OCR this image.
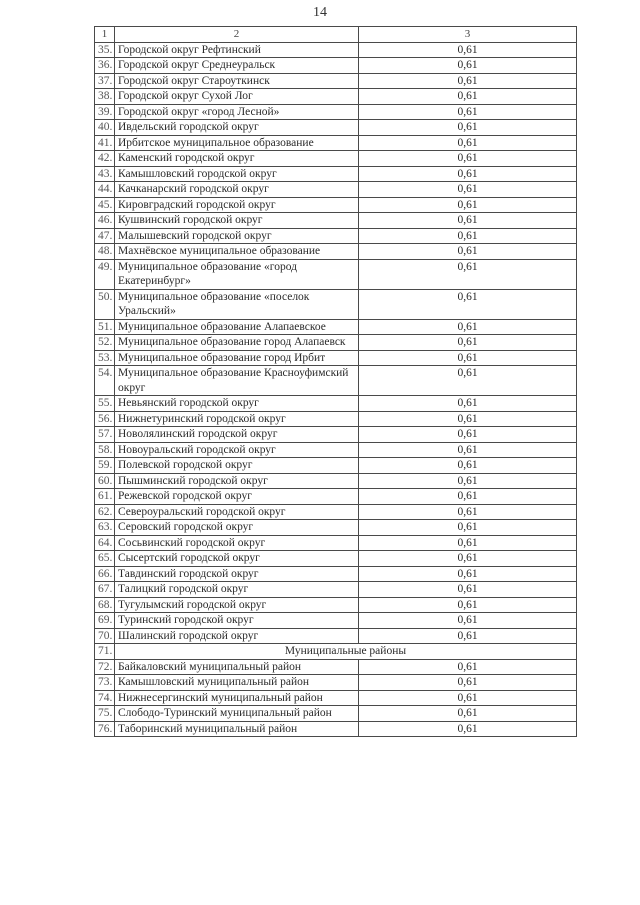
14
1	2	3
35.	Городской округ Рефтинский	0,61
36.	Городской округ Среднеуральск	0,61
37.	Городской округ Староуткинск	0,61
38.	Городской округ Сухой Лог	0,61
39.	Городской округ «город Лесной»	0,61
40.	Ивдельский городской округ	0,61
41.	Ирбитское муниципальное образование	0,61
42.	Каменский городской округ	0,61
43.	Камышловский городской округ	0,61
44.	Качканарский городской округ	0,61
45.	Кировградский городской округ	0,61
46.	Кушвинский городской округ	0,61
47.	Малышевский городской округ	0,61
48.	Махнёвское муниципальное образование	0,61
49.	Муниципальное образование «город Екатеринбург»	0,61
50.	Муниципальное образование «поселок Уральский»	0,61
51.	Муниципальное образование Алапаевское	0,61
52.	Муниципальное образование город Алапаевск	0,61
53.	Муниципальное образование город Ирбит	0,61
54.	Муниципальное образование Красноуфимский округ	0,61
55.	Невьянский городской округ	0,61
56.	Нижнетуринский городской округ	0,61
57.	Новолялинский городской округ	0,61
58.	Новоуральский городской округ	0,61
59.	Полевской городской округ	0,61
60.	Пышминский городской округ	0,61
61.	Режевской городской округ	0,61
62.	Североуральский городской округ	0,61
63.	Серовский городской округ	0,61
64.	Сосьвинский городской округ	0,61
65.	Сысертский городской округ	0,61
66.	Тавдинский городской округ	0,61
67.	Талицкий городской округ	0,61
68.	Тугулымский городской округ	0,61
69.	Туринский городской округ	0,61
70.	Шалинский городской округ	0,61
71.	Муниципальные районы	
72.	Байкаловский муниципальный район	0,61
73.	Камышловский муниципальный район	0,61
74.	Нижнесергинский муниципальный район	0,61
75.	Слободо-Туринский муниципальный район	0,61
76.	Таборинский муниципальный район	0,61
